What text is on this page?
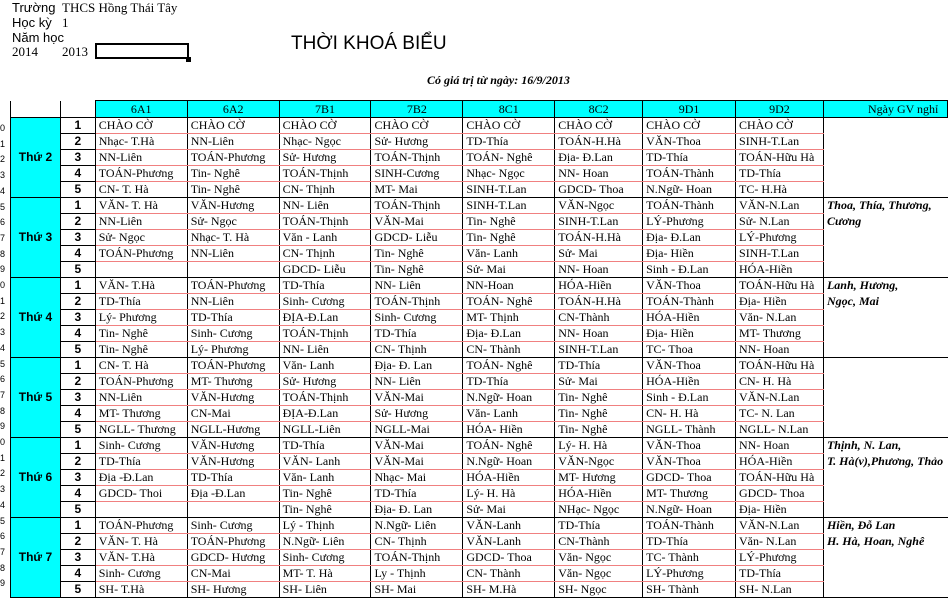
Trường THCS Hồng Thái Tây
Học kỳ 1
Năm học
2014 2013	THỜI KHOÁ BIỂU
Có giá trị từ ngày: 16/9/2013
0
1
2
3
4
5
6
7
8
9
0
1
2
3
4
5
6
7
8
9
0
1
2
3
4
5
6
7
8
9
		6A1	6A2	7B1	7B2	8C1	8C2	9D1	9D2	Ngày GV nghỉ
Thứ 2	1	CHÀO CỜ	CHÀO CỜ	CHÀO CỜ	CHÀO CỜ	CHÀO CỜ	CHÀO CỜ	CHÀO CỜ	CHÀO CỜ	
	2	Nhạc- T.Hà	NN-Liên	Nhạc- Ngọc	Sử- Hương	TD-Thía	TOÁN-H.Hà	VĂN-Thoa	SINH-T.Lan	
	3	NN-Liên	TOÁN-Phương	Sử- Hương	TOÁN-Thịnh	TOÁN- Nghê	Địa- Đ.Lan	TD-Thía	TOÁN-Hữu Hà	
	4	TOÁN-Phương	Tin- Nghê	TOÁN-Thịnh	SINH-Cương	Nhạc- Ngọc	NN- Hoan	TOÁN-Thành	TD-Thía	
	5	CN- T. Hà	Tin- Nghê	CN- Thịnh	MT- Mai	SINH-T.Lan	GDCD- Thoa	N.Ngữ- Hoan	TC- H.Hà	
Thứ 3	1	VĂN- T. Hà	VĂN-Hương	NN- Liên	TOÁN-Thịnh	SINH-T.Lan	VĂN-Ngọc	TOÁN-Thành	VĂN-N.Lan	Thoa, Thía, Thương,
	2	NN-Liên	Sử- Ngọc	TOÁN-Thịnh	VĂN-Mai	Tin- Nghê	SINH-T.Lan	LÝ-Phương	Sử- N.Lan	Cương
	3	Sử- Ngọc	Nhạc- T. Hà	Văn - Lanh	GDCD- Liễu	Tin- Nghê	TOÁN-H.Hà	Địa- Đ.Lan	LÝ-Phương	
	4	TOÁN-Phương	NN-Liên	CN- Thịnh	Tin- Nghê	Văn- Lanh	Sử- Mai	Địa- Hiền	SINH-T.Lan	
	5			GDCD- Liễu	Tin- Nghê	Sử- Mai	NN- Hoan	Sinh - Đ.Lan	HÓA-Hiền	
Thứ 4	1	VĂN- T.Hà	TOÁN-Phương	TD-Thía	NN- Liên	NN-Hoan	HÓA-Hiền	VĂN-Thoa	TOÁN-Hữu Hà	Lanh, Hương,
	2	TD-Thía	NN-Liên	Sinh- Cương	TOÁN-Thịnh	TOÁN- Nghê	TOÁN-H.Hà	TOÁN-Thành	Địa- Hiền	Ngọc, Mai
	3	Lý- Phương	TD-Thía	ĐỊA-Đ.Lan	Sinh- Cương	MT- Thịnh	CN-Thành	HÓA-Hiền	Văn- N.Lan	
	4	Tin- Nghê	Sinh- Cương	TOÁN-Thịnh	TD-Thía	Địa- Đ.Lan	NN- Hoan	Địa- Hiền	MT- Thương	
	5	Tin- Nghê	Lý- Phương	NN- Liên	CN- Thịnh	CN- Thành	SINH-T.Lan	TC- Thoa	NN- Hoan	
Thứ 5	1	CN- T. Hà	TOÁN-Phương	Văn- Lanh	Địa- Đ. Lan	TOÁN- Nghê	TD-Thía	VĂN-Thoa	TOÁN-Hữu Hà	
	2	TOÁN-Phương	MT- Thương	Sử- Hương	NN- Liên	TD-Thía	Sử- Mai	HÓA-Hiền	CN- H. Hà	
	3	NN-Liên	VĂN-Hương	TOÁN-Thịnh	VĂN-Mai	N.Ngữ- Hoan	Tin- Nghê	Sinh - Đ.Lan	VĂN-N.Lan	
	4	MT- Thương	CN-Mai	ĐỊA-Đ.Lan	Sử- Hương	Văn- Lanh	Tin- Nghê	CN- H. Hà	TC- N. Lan	
	5	NGLL- Thương	NGLL-Hương	NGLL-Liên	NGLL-Mai	HÓA- Hiền	Tin- Nghê	NGLL- Thành	NGLL- N.Lan	
Thứ 6	1	Sinh- Cương	VĂN-Hương	TD-Thía	VĂN-Mai	TOÁN- Nghê	Lý- H. Hà	VĂN-Thoa	NN- Hoan	Thịnh, N. Lan,
	2	TD-Thía	VĂN-Hương	VĂN- Lanh	VĂN-Mai	N.Ngữ- Hoan	VĂN-Ngọc	VĂN-Thoa	HÓA-Hiền	T. Hà(v),Phương, Thảo
	3	Địa -Đ.Lan	TD-Thía	Văn- Lanh	Nhạc- Mai	HÓA-Hiền	MT- Hương	GDCD- Thoa	TOÁN-Hữu Hà	
	4	GDCD- Thoi	Địa -Đ.Lan	Tin- Nghê	TD-Thía	Lý- H. Hà	HÓA-Hiền	MT- Thương	GDCD- Thoa	
	5			Tin- Nghê	Địa- Đ. Lan	Sử- Mai	NHạc- Ngọc	N.Ngữ- Hoan	Địa- Hiền	
Thứ 7	1	TOÁN-Phương	Sinh- Cương	Lý - Thịnh	N.Ngữ- Liên	VĂN-Lanh	TD-Thía	TOÁN-Thành	VĂN-N.Lan	Hiền, Đỗ Lan
	2	VĂN- T. Hà	TOÁN-Phương	N.Ngữ- Liên	CN- Thịnh	VĂN-Lanh	CN-Thành	TD-Thía	Văn- N.Lan	H. Hà, Hoan, Nghê
	3	VĂN- T.Hà	GDCD- Hương	Sinh- Cương	TOÁN-Thịnh	GDCD- Thoa	Văn- Ngọc	TC- Thành	LÝ-Phương	
	4	Sinh- Cương	CN-Mai	MT- T. Hà	Ly - Thịnh	CN- Thành	Văn- Ngọc	LÝ-Phương	TD-Thía	
	5	SH- T.Hà	SH- Hương	SH- Liên	SH- Mai	SH- M.Hà	SH- Ngọc	SH- Thành	SH- N.Lan	
